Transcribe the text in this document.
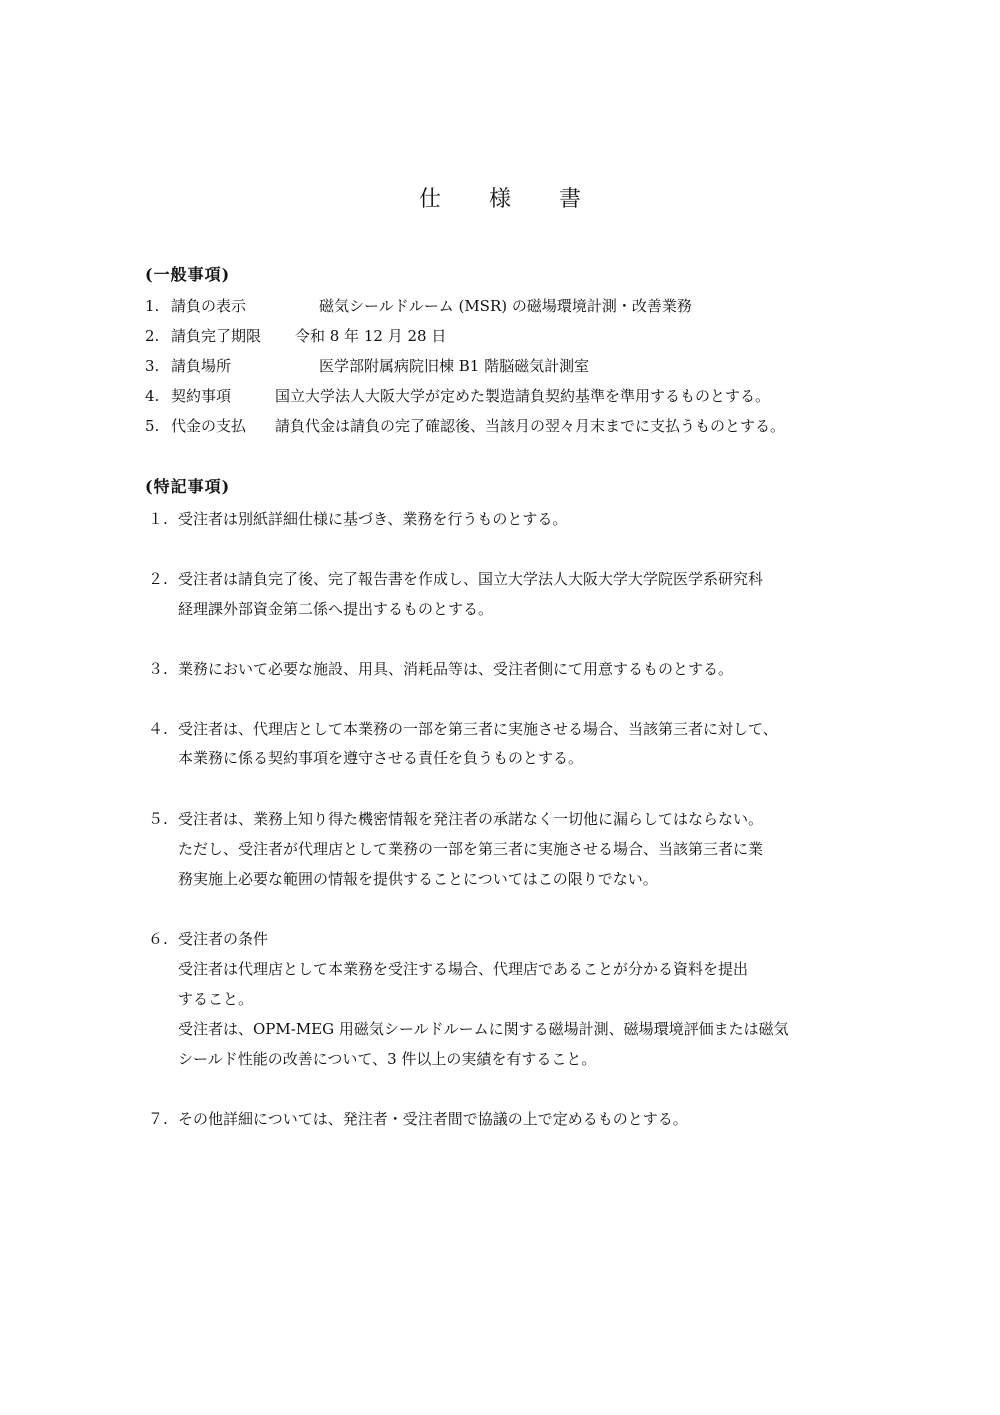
仕様書
(一般事項)
1. 請負の表示	磁気シールドルーム (MSR) の磁場環境計測・改善業務
2. 請負完了期限 令和 8 年 12 月 28 日
3. 請負場所	医学部附属病院旧棟 B1 階脳磁気計測室
4. 契約事項	国立大学法人大阪大学が定めた製造請負契約基準を準用するものとする。
5. 代金の支払 請負代金は請負の完了確認後、当該月の翌々月末までに支払うものとする。
(特記事項)
１. 受注者は別紙詳細仕様に基づき、業務を行うものとする。
２. 受注者は請負完了後、完了報告書を作成し、国立大学法人大阪大学大学院医学系研究科
経理課外部資金第二係へ提出するものとする。
３. 業務において必要な施設、用具、消耗品等は、受注者側にて用意するものとする。
４. 受注者は、代理店として本業務の一部を第三者に実施させる場合、当該第三者に対して、
本業務に係る契約事項を遵守させる責任を負うものとする。
５. 受注者は、業務上知り得た機密情報を発注者の承諾なく一切他に漏らしてはならない。
ただし、受注者が代理店として業務の一部を第三者に実施させる場合、当該第三者に業
務実施上必要な範囲の情報を提供することについてはこの限りでない。
６. 受注者の条件
受注者は代理店として本業務を受注する場合、代理店であることが分かる資料を提出
すること。
受注者は、OPM-MEG 用磁気シールドルームに関する磁場計測、磁場環境評価または磁気
シールド性能の改善について、3 件以上の実績を有すること。
７. その他詳細については、発注者・受注者間で協議の上で定めるものとする。
